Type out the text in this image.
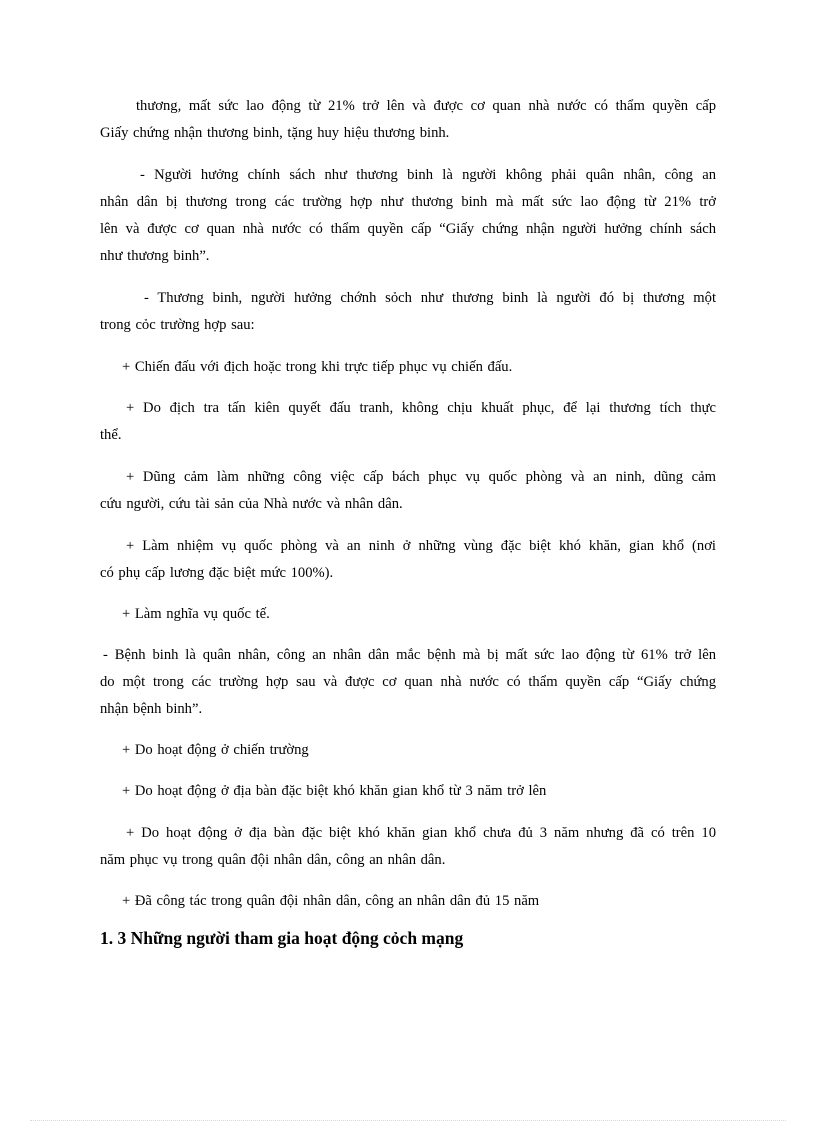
thương, mất sức lao động từ 21% trở lên và được cơ quan nhà nước có thẩm quyền cấp
Giấy chứng nhận thương binh, tặng huy hiệu thương binh.
- Người hưởng chính sách như thương binh là người không phải quân nhân, công an
nhân dân bị thương trong các trường hợp như thương binh mà mất sức lao động từ 21% trở
lên và được cơ quan nhà nước có thẩm quyền cấp “Giấy chứng nhận người hưởng chính sách
như thương binh”.
- Thương binh, người hưởng chớnh sỏch như thương binh là người đó bị thương một
trong cỏc trường hợp sau:
+ Chiến đấu với địch hoặc trong khi trực tiếp phục vụ chiến đấu.
+ Do địch tra tấn kiên quyết đấu tranh, không chịu khuất phục, để lại thương tích thực
thể.
+ Dũng cảm làm những công việc cấp bách phục vụ quốc phòng và an ninh, dũng cảm
cứu người, cứu tài sản của Nhà nước và nhân dân.
+ Làm nhiệm vụ quốc phòng và an ninh ở những vùng đặc biệt khó khăn, gian khổ (nơi
có phụ cấp lương đặc biệt mức 100%).
+ Làm nghĩa vụ quốc tế.
- Bệnh binh là quân nhân, công an nhân dân mắc bệnh mà bị mất sức lao động từ 61% trở lên
do một trong các trường hợp sau và được cơ quan nhà nước có thẩm quyền cấp “Giấy chứng
nhận bệnh binh”.
+ Do hoạt động ở chiến trường
+ Do hoạt động ở địa bàn đặc biệt khó khăn gian khổ từ 3 năm trở lên
+ Do hoạt động ở địa bàn đặc biệt khó khăn gian khổ chưa đủ 3 năm nhưng đã có trên 10
năm phục vụ trong quân đội nhân dân, công an nhân dân.
+ Đã công tác trong quân đội nhân dân, công an nhân dân đủ 15 năm
1. 3 Những người tham gia hoạt động cỏch mạng
